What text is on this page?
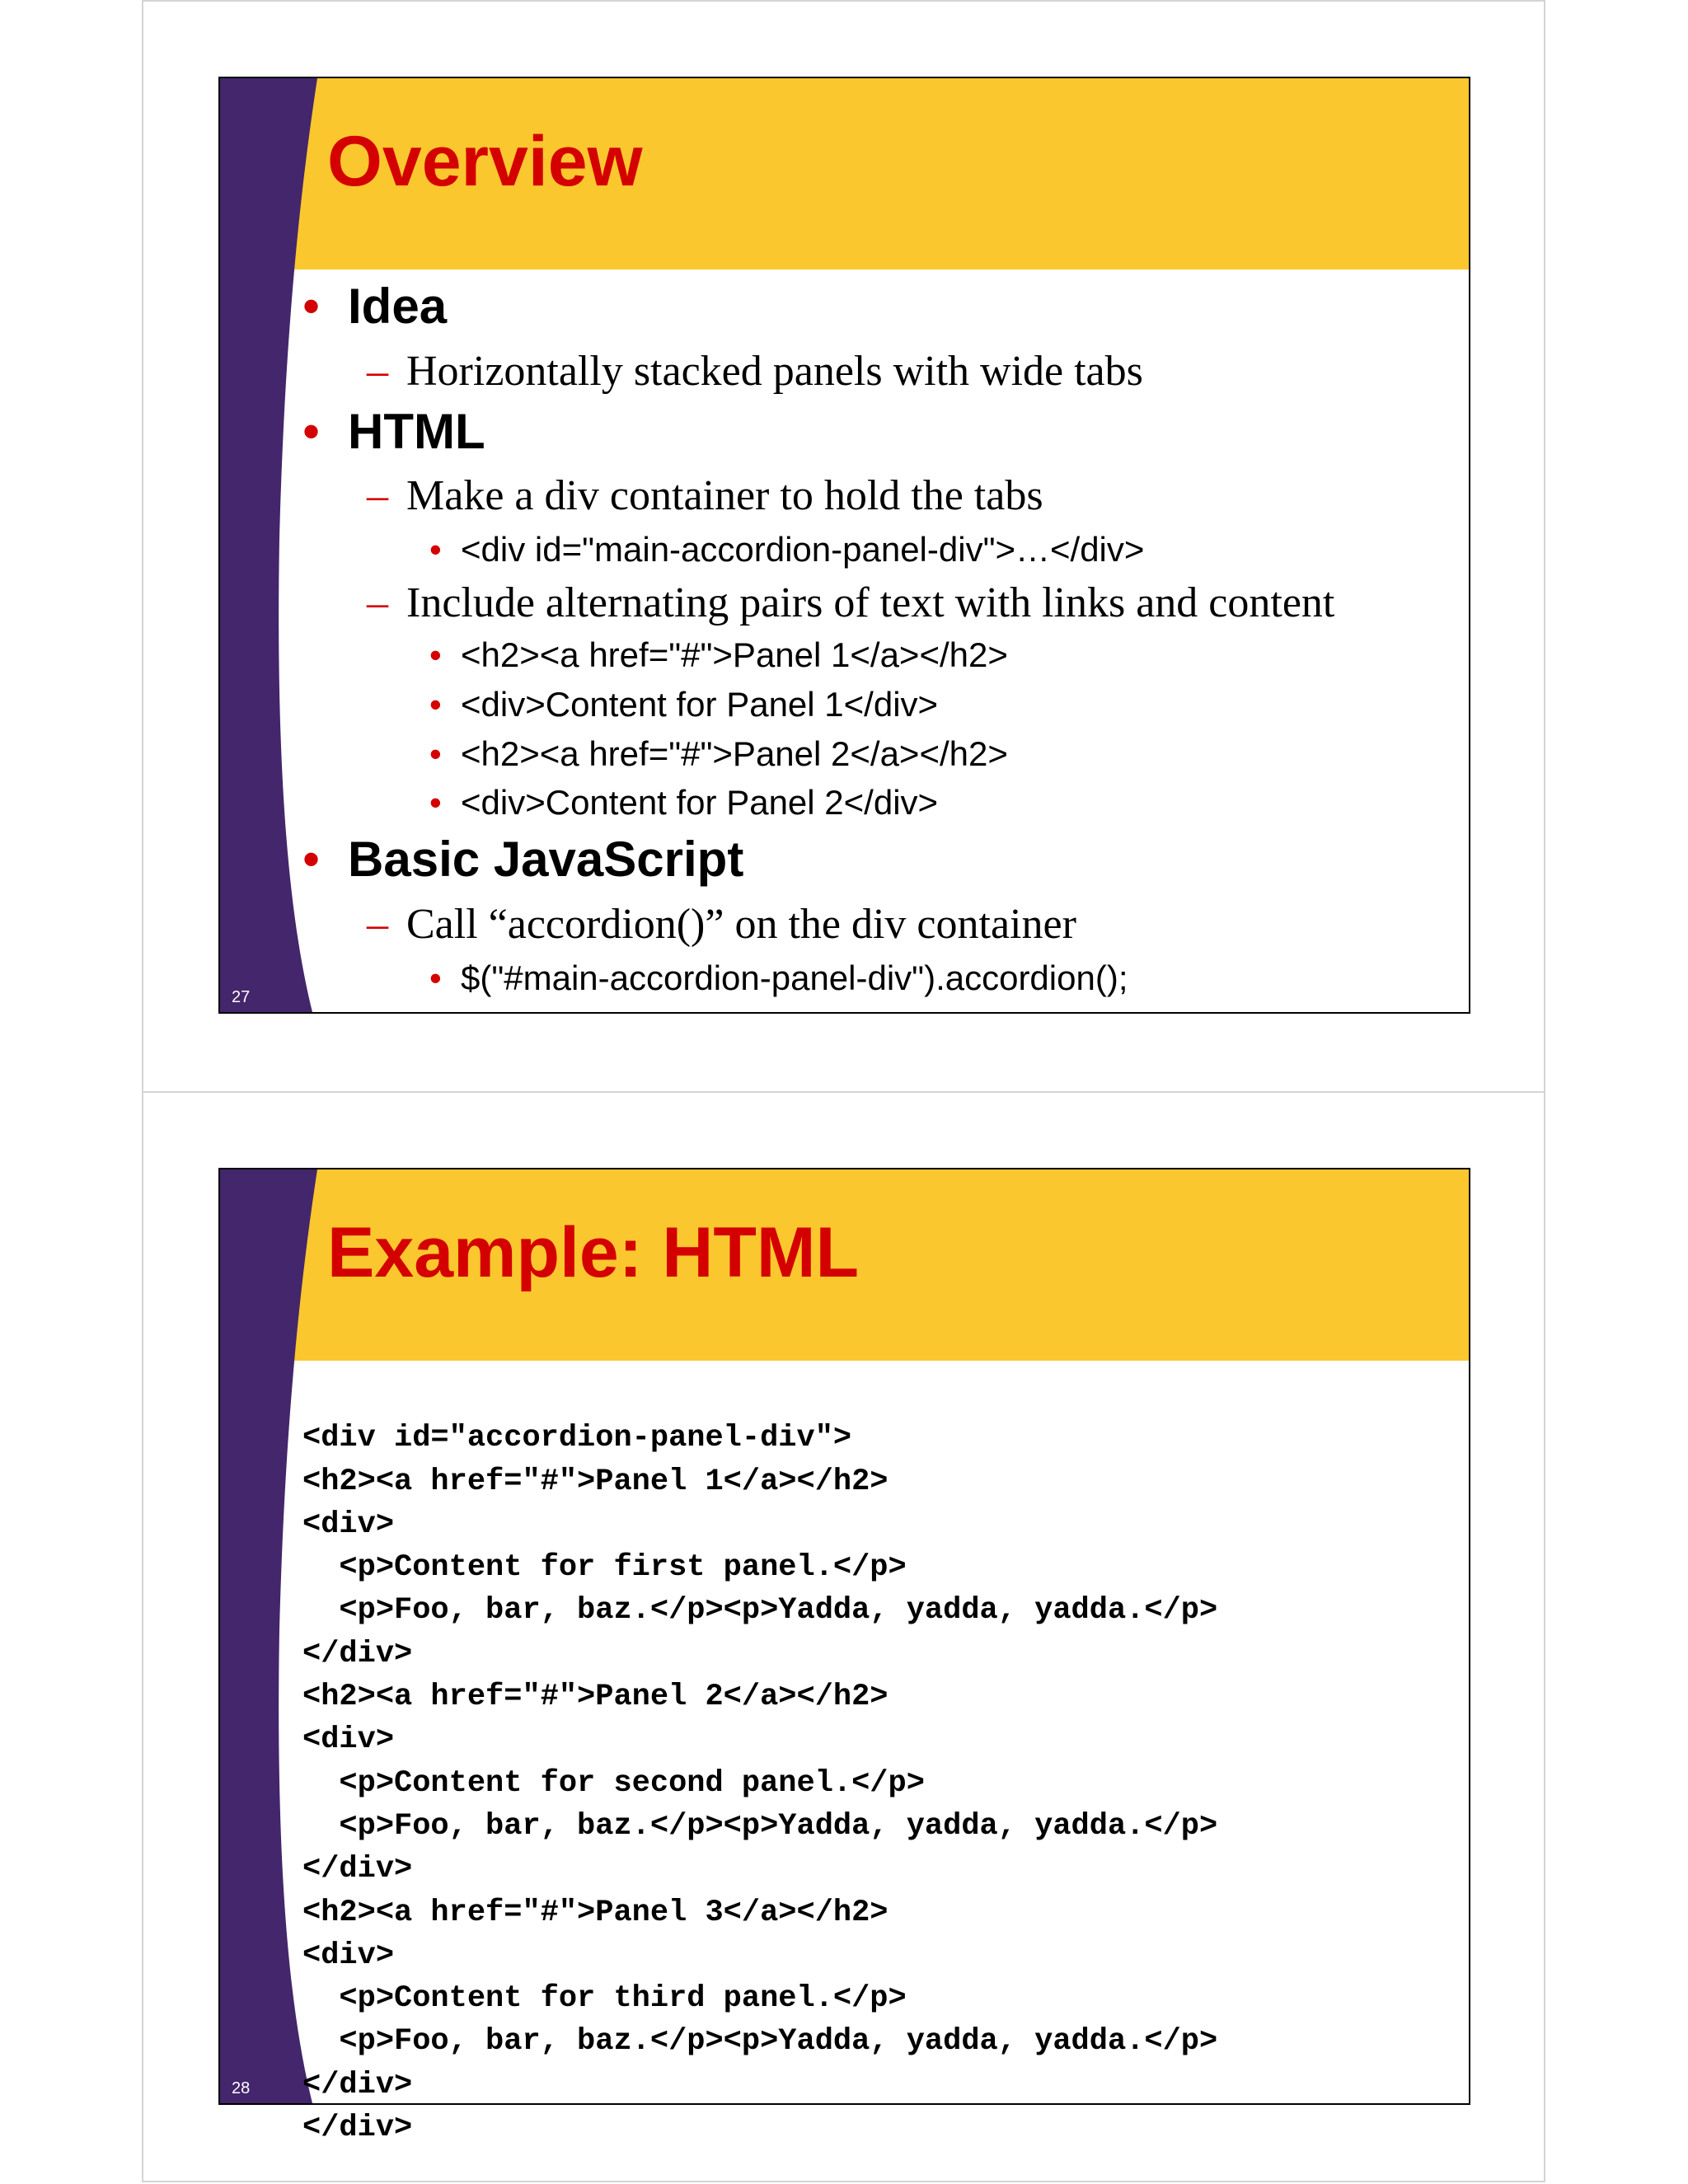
Overview
• Idea
– Horizontally stacked panels with wide tabs
• HTML
– Make a div container to hold the tabs
• <div id="main-accordion-panel-div">…</div>
– Include alternating pairs of text with links and content
• <h2><a href="#">Panel 1</a></h2>
• <div>Content for Panel 1</div>
• <h2><a href="#">Panel 2</a></h2>
• <div>Content for Panel 2</div>
• Basic JavaScript
– Call “accordion()” on the div container
• $("#main-accordion-panel-div").accordion();
27
Example: HTML

<div id="accordion-panel-div">
<h2><a href="#">Panel 1</a></h2>
<div>
<p>Content for first panel.</p>
<p>Foo, bar, baz.</p><p>Yadda, yadda, yadda.</p>
</div>
<h2><a href="#">Panel 2</a></h2>
<div>
<p>Content for second panel.</p>
<p>Foo, bar, baz.</p><p>Yadda, yadda, yadda.</p>
</div>
<h2><a href="#">Panel 3</a></h2>
<div>
<p>Content for third panel.</p>
<p>Foo, bar, baz.</p><p>Yadda, yadda, yadda.</p>
</div>
</div>
28
